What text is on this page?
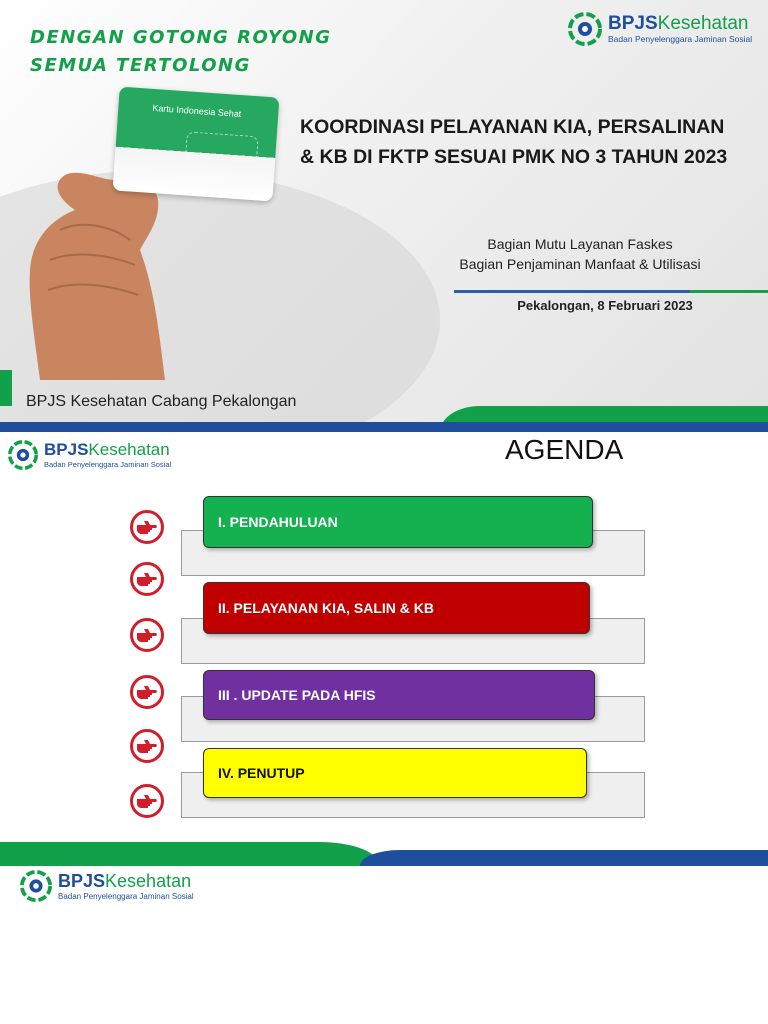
DENGAN GOTONG ROYONG
SEMUA TERTOLONG
BPJSKesehatan
Badan Penyelenggara Jaminan Sosial
Kartu Indonesia Sehat
KOORDINASI PELAYANAN KIA, PERSALINAN
& KB DI FKTP SESUAI PMK NO 3 TAHUN 2023
Bagian Mutu Layanan Faskes
Bagian Penjaminan Manfaat & Utilisasi
Pekalongan, 8 Februari 2023
BPJS Kesehatan Cabang Pekalongan
BPJSKesehatan
Badan Penyelenggara Jaminan Sosial	AGENDA
I. PENDAHULUAN
II. PELAYANAN KIA, SALIN & KB
III . UPDATE PADA HFIS
IV. PENUTUP
BPJSKesehatan
Badan Penyelenggara Jaminan Sosial
